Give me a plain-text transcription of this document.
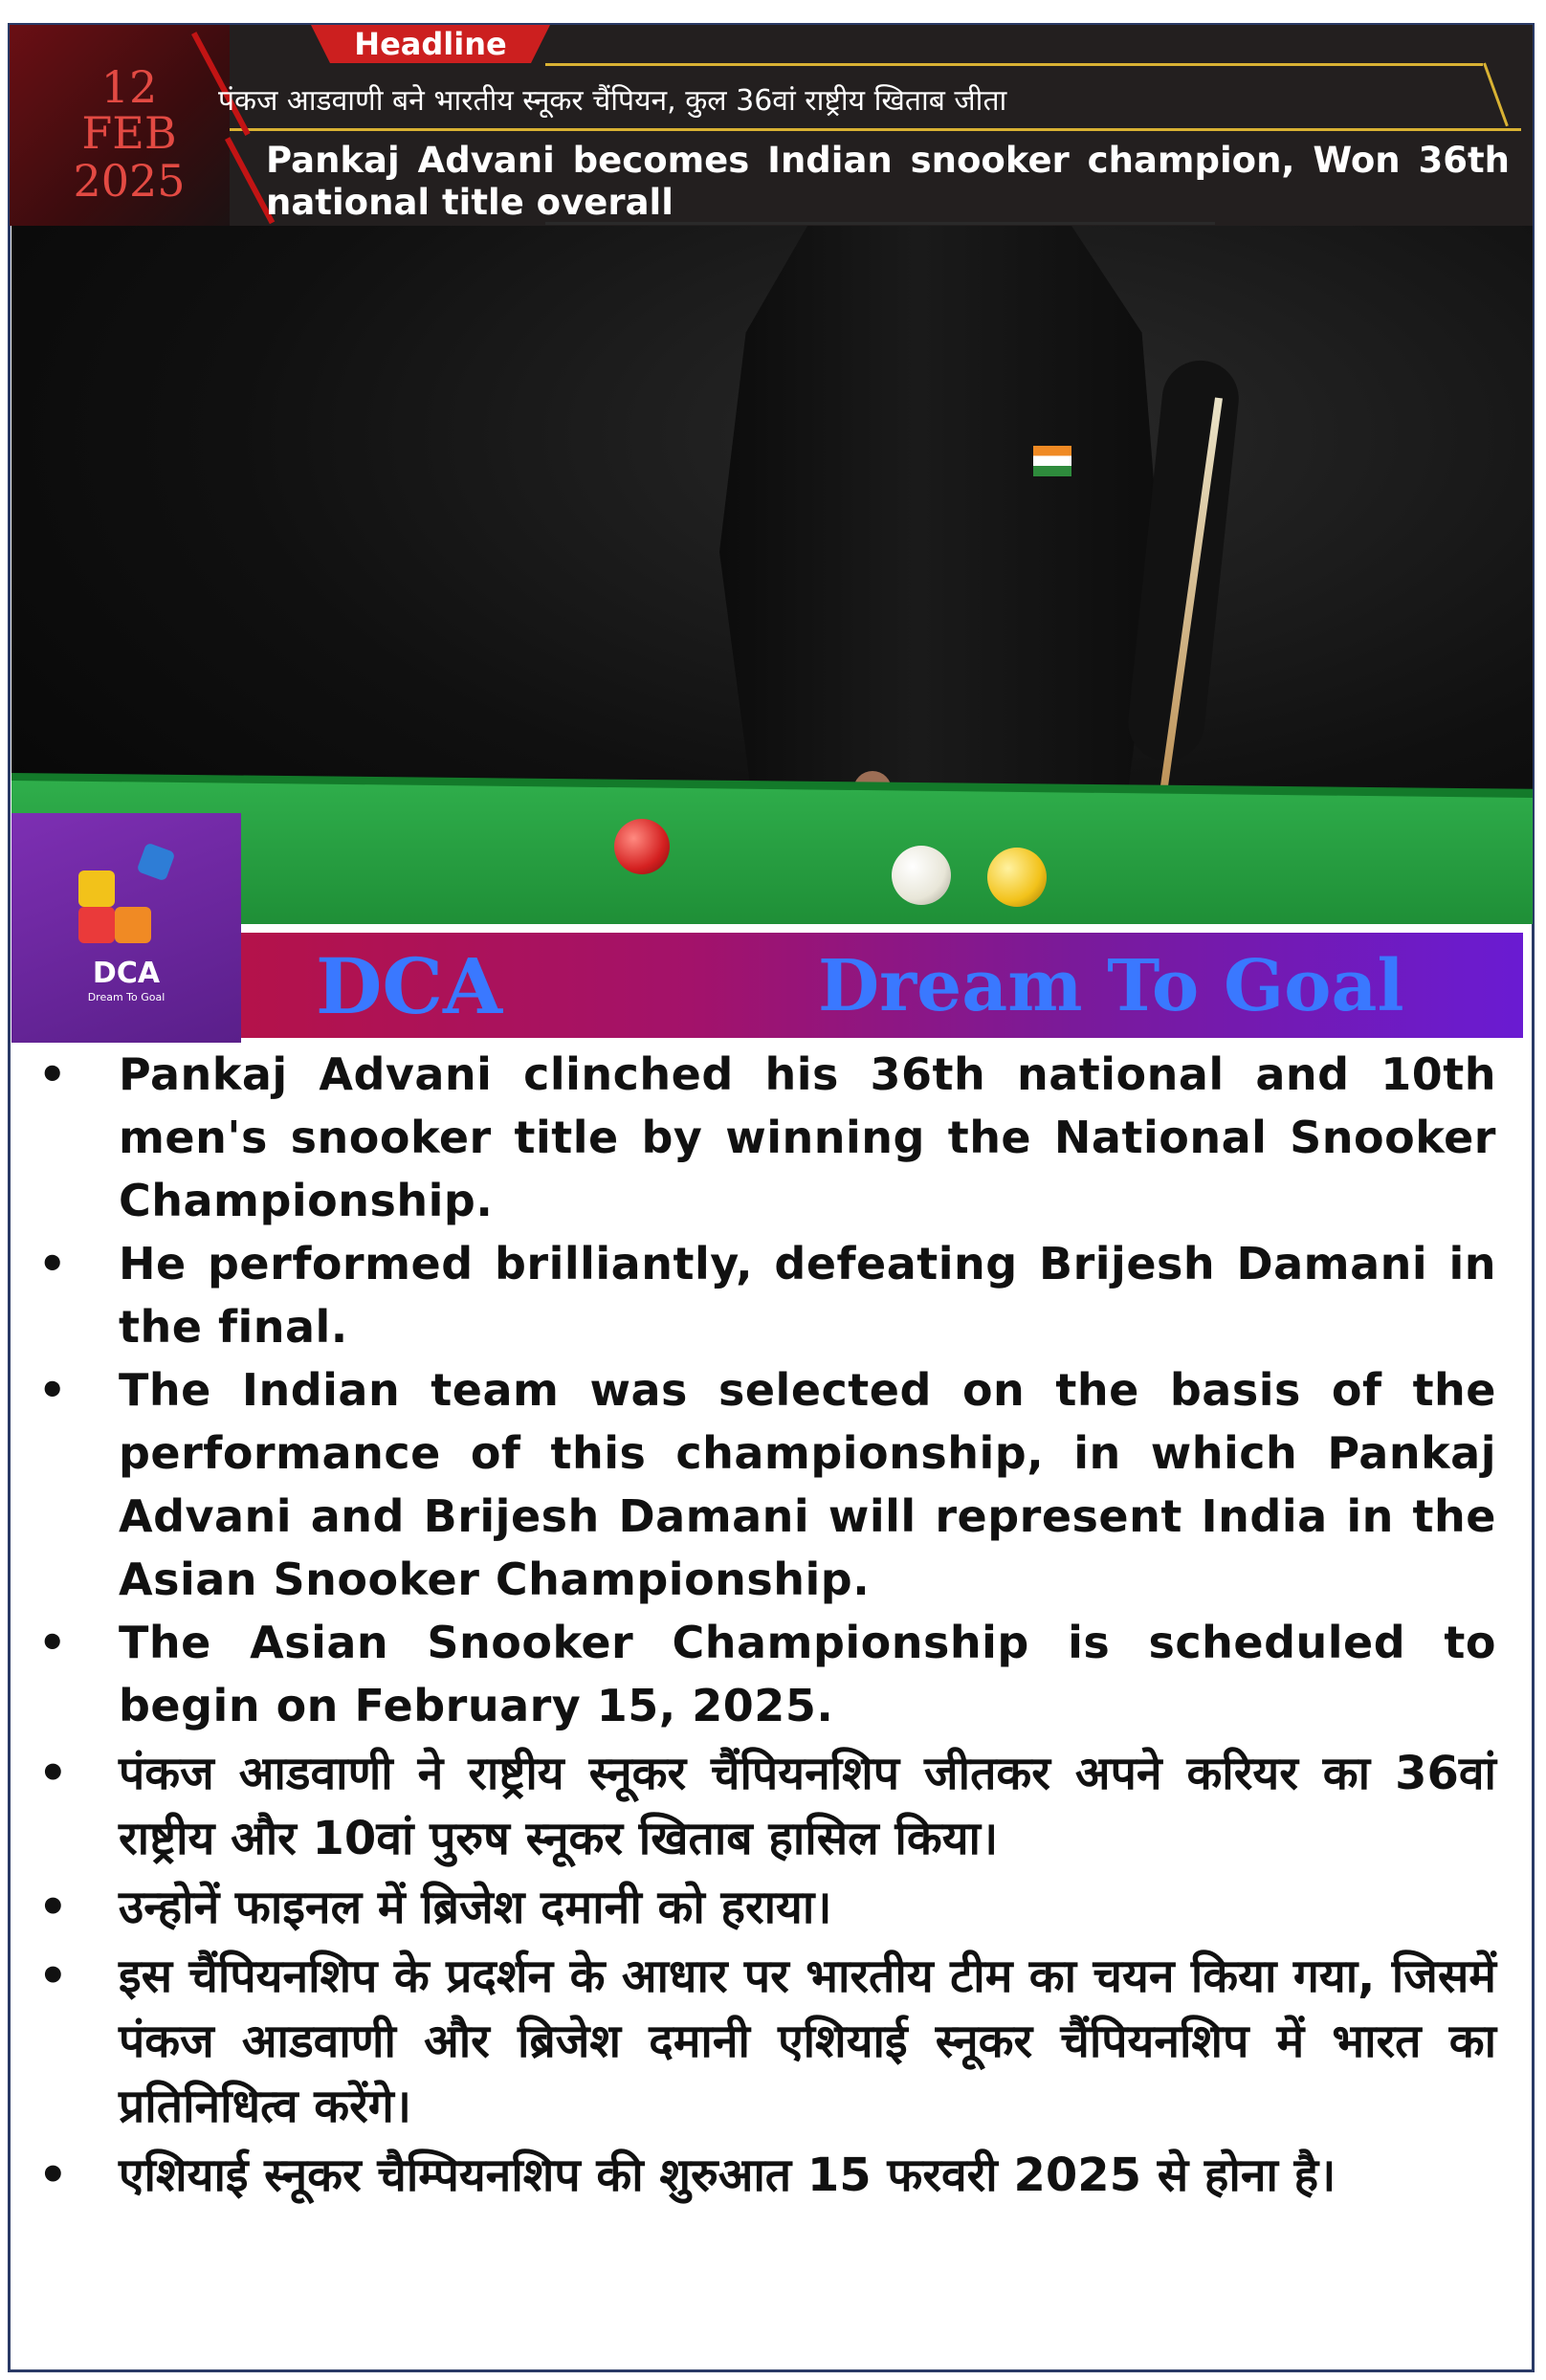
12
FEB
2025
Headline
पंकज आडवाणी बने भारतीय स्नूकर चैंपियन, कुल 36वां राष्ट्रीय खिताब जीता
Pankaj Advani becomes Indian snooker champion, Won 36th
national title overall
DCA
Dream To Goal	DCA	Dream To Goal
• Pankaj Advani clinched his 36th national and 10th men's snooker title by winning the National Snooker Championship.
• He performed brilliantly, defeating Brijesh Damani in the final.
• The Indian team was selected on the basis of the performance of this championship, in which Pankaj Advani and Brijesh Damani will represent India in the Asian Snooker Championship.
• The Asian Snooker Championship is scheduled to begin on February 15, 2025.
• पंकज आडवाणी ने राष्ट्रीय स्नूकर चैंपियनशिप जीतकर अपने करियर का 36वां राष्ट्रीय और 10वां पुरुष स्नूकर खिताब हासिल किया।
• उन्होनें फाइनल में ब्रिजेश दमानी को हराया।
• इस चैंपियनशिप के प्रदर्शन के आधार पर भारतीय टीम का चयन किया गया, जिसमें पंकज आडवाणी और ब्रिजेश दमानी एशियाई स्नूकर चैंपियनशिप में भारत का प्रतिनिधित्व करेंगे।
• एशियाई स्नूकर चैम्पियनशिप की शुरुआत 15 फरवरी 2025 से होना है।
